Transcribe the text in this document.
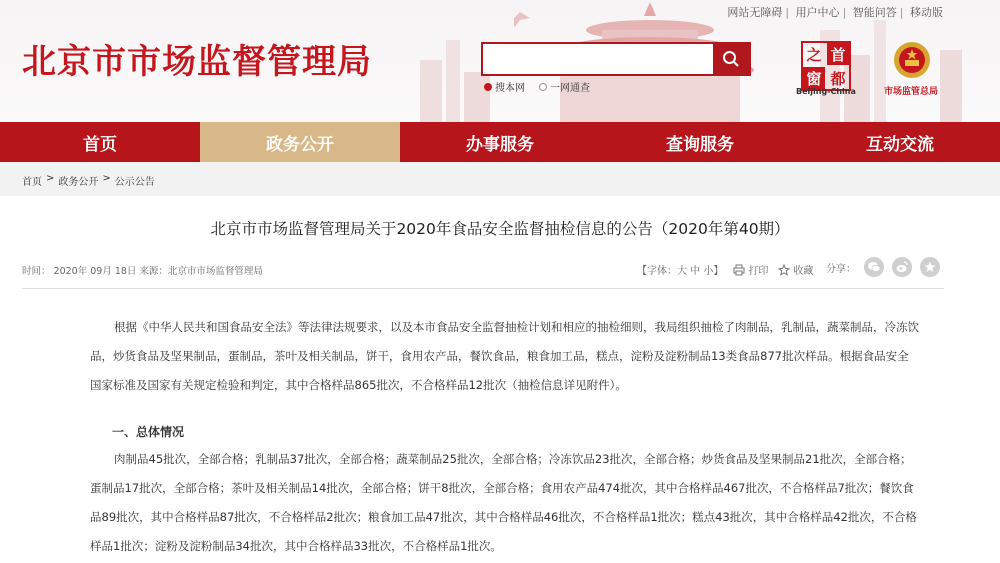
北京市市场监督管理局
网站无障碍 | 用户中心 | 智能问答 | 移动版
搜本网	一网通查
首
都
之
窗
Beijing-China	市场监管总局
首页	政务公开	办事服务	查询服务	互动交流
首页 > 政务公开 > 公示公告
北京市市场监督管理局关于2020年食品安全监督抽检信息的公告（2020年第40期）
时间： 2020年 09月 18日 来源：北京市市场监督管理局	【字体：大 中 小】	打印	收藏 分享：
根据《中华人民共和国食品安全法》等法律法规要求，以及本市食品安全监督抽检计划和相应的抽检细则，我局组织抽检了肉制品，乳制品，蔬菜制品，冷冻饮品，炒货食品及坚果制品，蛋制品，茶叶及相关制品，饼干，食用农产品，餐饮食品，粮食加工品，糕点，淀粉及淀粉制品13类食品877批次样品。根据食品安全国家标准及国家有关规定检验和判定，其中合格样品865批次，不合格样品12批次（抽检信息详见附件）。
一、总体情况
肉制品45批次，全部合格；乳制品37批次，全部合格；蔬菜制品25批次，全部合格；冷冻饮品23批次，全部合格；炒货食品及坚果制品21批次，全部合格；蛋制品17批次，全部合格；茶叶及相关制品14批次，全部合格；饼干8批次，全部合格；食用农产品474批次，其中合格样品467批次，不合格样品7批次；餐饮食品89批次，其中合格样品87批次，不合格样品2批次；粮食加工品47批次，其中合格样品46批次，不合格样品1批次；糕点43批次，其中合格样品42批次，不合格样品1批次；淀粉及淀粉制品34批次，其中合格样品33批次，不合格样品1批次。
